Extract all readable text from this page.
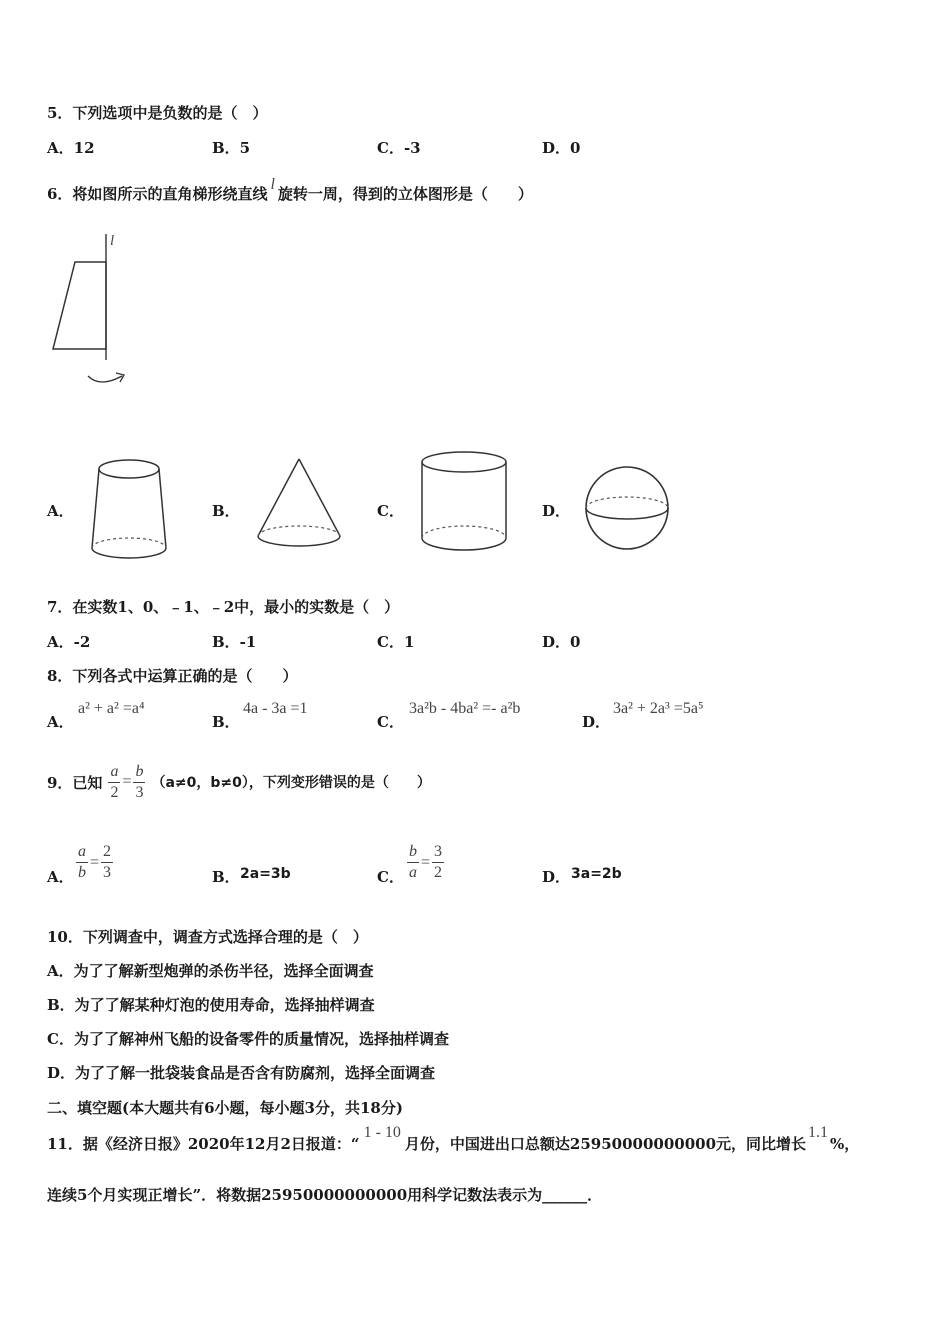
5．下列选项中是负数的是（　）
A．12	B．5	C．-3	D．0
6．将如图所示的直角梯形绕直线l旋转一周，得到的立体图形是（　　）
l
A．	B．	C．	D．
7．在实数1、0、﹣1、﹣2中，最小的实数是（　）
A．-2	B．-1	C．1	D．0
8．下列各式中运算正确的是（　　）
A．
a² + a² =a⁴
B．
4a - 3a =1
C．
3a²b - 4ba² =- a²b
D．
3a² + 2a³ =5a⁵
9．已知 $\frac{a}{2} = \frac{b}{3} (a\ne 0$，b≠0），下列变形错误的是（　　）
A． $\frac{a}{b} = \frac{2}{3}$	B． 2a=3b	C． $\frac{b}{a} = \frac{3}{2}$	D． 3a=2b
10．下列调查中，调查方式选择合理的是（　）
A．为了了解新型炮弹的杀伤半径，选择全面调查
B．为了了解某种灯泡的使用寿命，选择抽样调查
C．为了了解神州飞船的设备零件的质量情况，选择抽样调查
D．为了了解一批袋装食品是否含有防腐剂，选择全面调查
二、填空题(本大题共有6小题，每小题3分，共18分)
11．据《经济日报》2020年12月2日报道：“
1 - 10
月份，中国进出口总额达25950000000000元，同比增长
1.1
%，
连续5个月实现正增长”．将数据25950000000000用科学记数法表示为______．
